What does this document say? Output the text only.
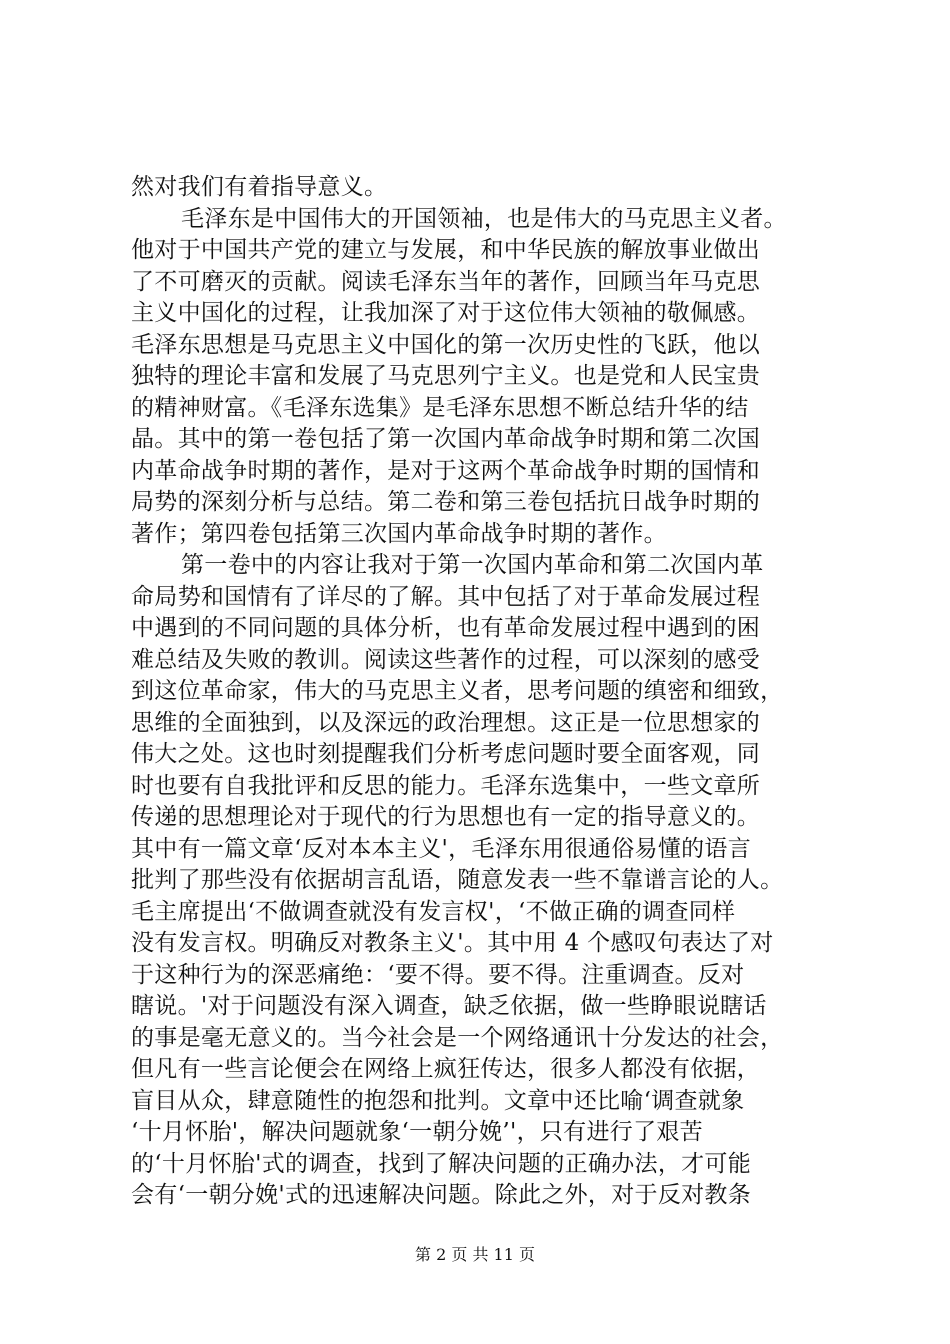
然对我们有着指导意义。
毛泽东是中国伟大的开国领袖，也是伟大的马克思主义者。
他对于中国共产党的建立与发展，和中华民族的解放事业做出
了不可磨灭的贡献。阅读毛泽东当年的著作，回顾当年马克思
主义中国化的过程，让我加深了对于这位伟大领袖的敬佩感。
毛泽东思想是马克思主义中国化的第一次历史性的飞跃，他以
独特的理论丰富和发展了马克思列宁主义。也是党和人民宝贵
的精神财富。《毛泽东选集》是毛泽东思想不断总结升华的结
晶。其中的第一卷包括了第一次国内革命战争时期和第二次国
内革命战争时期的著作，是对于这两个革命战争时期的国情和
局势的深刻分析与总结。第二卷和第三卷包括抗日战争时期的
著作；第四卷包括第三次国内革命战争时期的著作。
第一卷中的内容让我对于第一次国内革命和第二次国内革
命局势和国情有了详尽的了解。其中包括了对于革命发展过程
中遇到的不同问题的具体分析，也有革命发展过程中遇到的困
难总结及失败的教训。阅读这些著作的过程，可以深刻的感受
到这位革命家，伟大的马克思主义者，思考问题的缜密和细致，
思维的全面独到，以及深远的政治理想。这正是一位思想家的
伟大之处。这也时刻提醒我们分析考虑问题时要全面客观，同
时也要有自我批评和反思的能力。毛泽东选集中，一些文章所
传递的思想理论对于现代的行为思想也有一定的指导意义的。
其中有一篇文章‘反对本本主义'，毛泽东用很通俗易懂的语言
批判了那些没有依据胡言乱语，随意发表一些不靠谱言论的人。
毛主席提出‘不做调查就没有发言权'，‘不做正确的调查同样
没有发言权。明确反对教条主义'。其中用 4 个感叹句表达了对
于这种行为的深恶痛绝：‘要不得。要不得。注重调查。反对
瞎说。'对于问题没有深入调查，缺乏依据，做一些睁眼说瞎话
的事是毫无意义的。当今社会是一个网络通讯十分发达的社会，
但凡有一些言论便会在网络上疯狂传达，很多人都没有依据，
盲目从众，肆意随性的抱怨和批判。文章中还比喻‘调查就象
‘十月怀胎'，解决问题就象‘一朝分娩’'，只有进行了艰苦
的‘十月怀胎'式的调查，找到了解决问题的正确办法，才可能
会有‘一朝分娩'式的迅速解决问题。除此之外，对于反对教条
第 2 页 共 11 页
